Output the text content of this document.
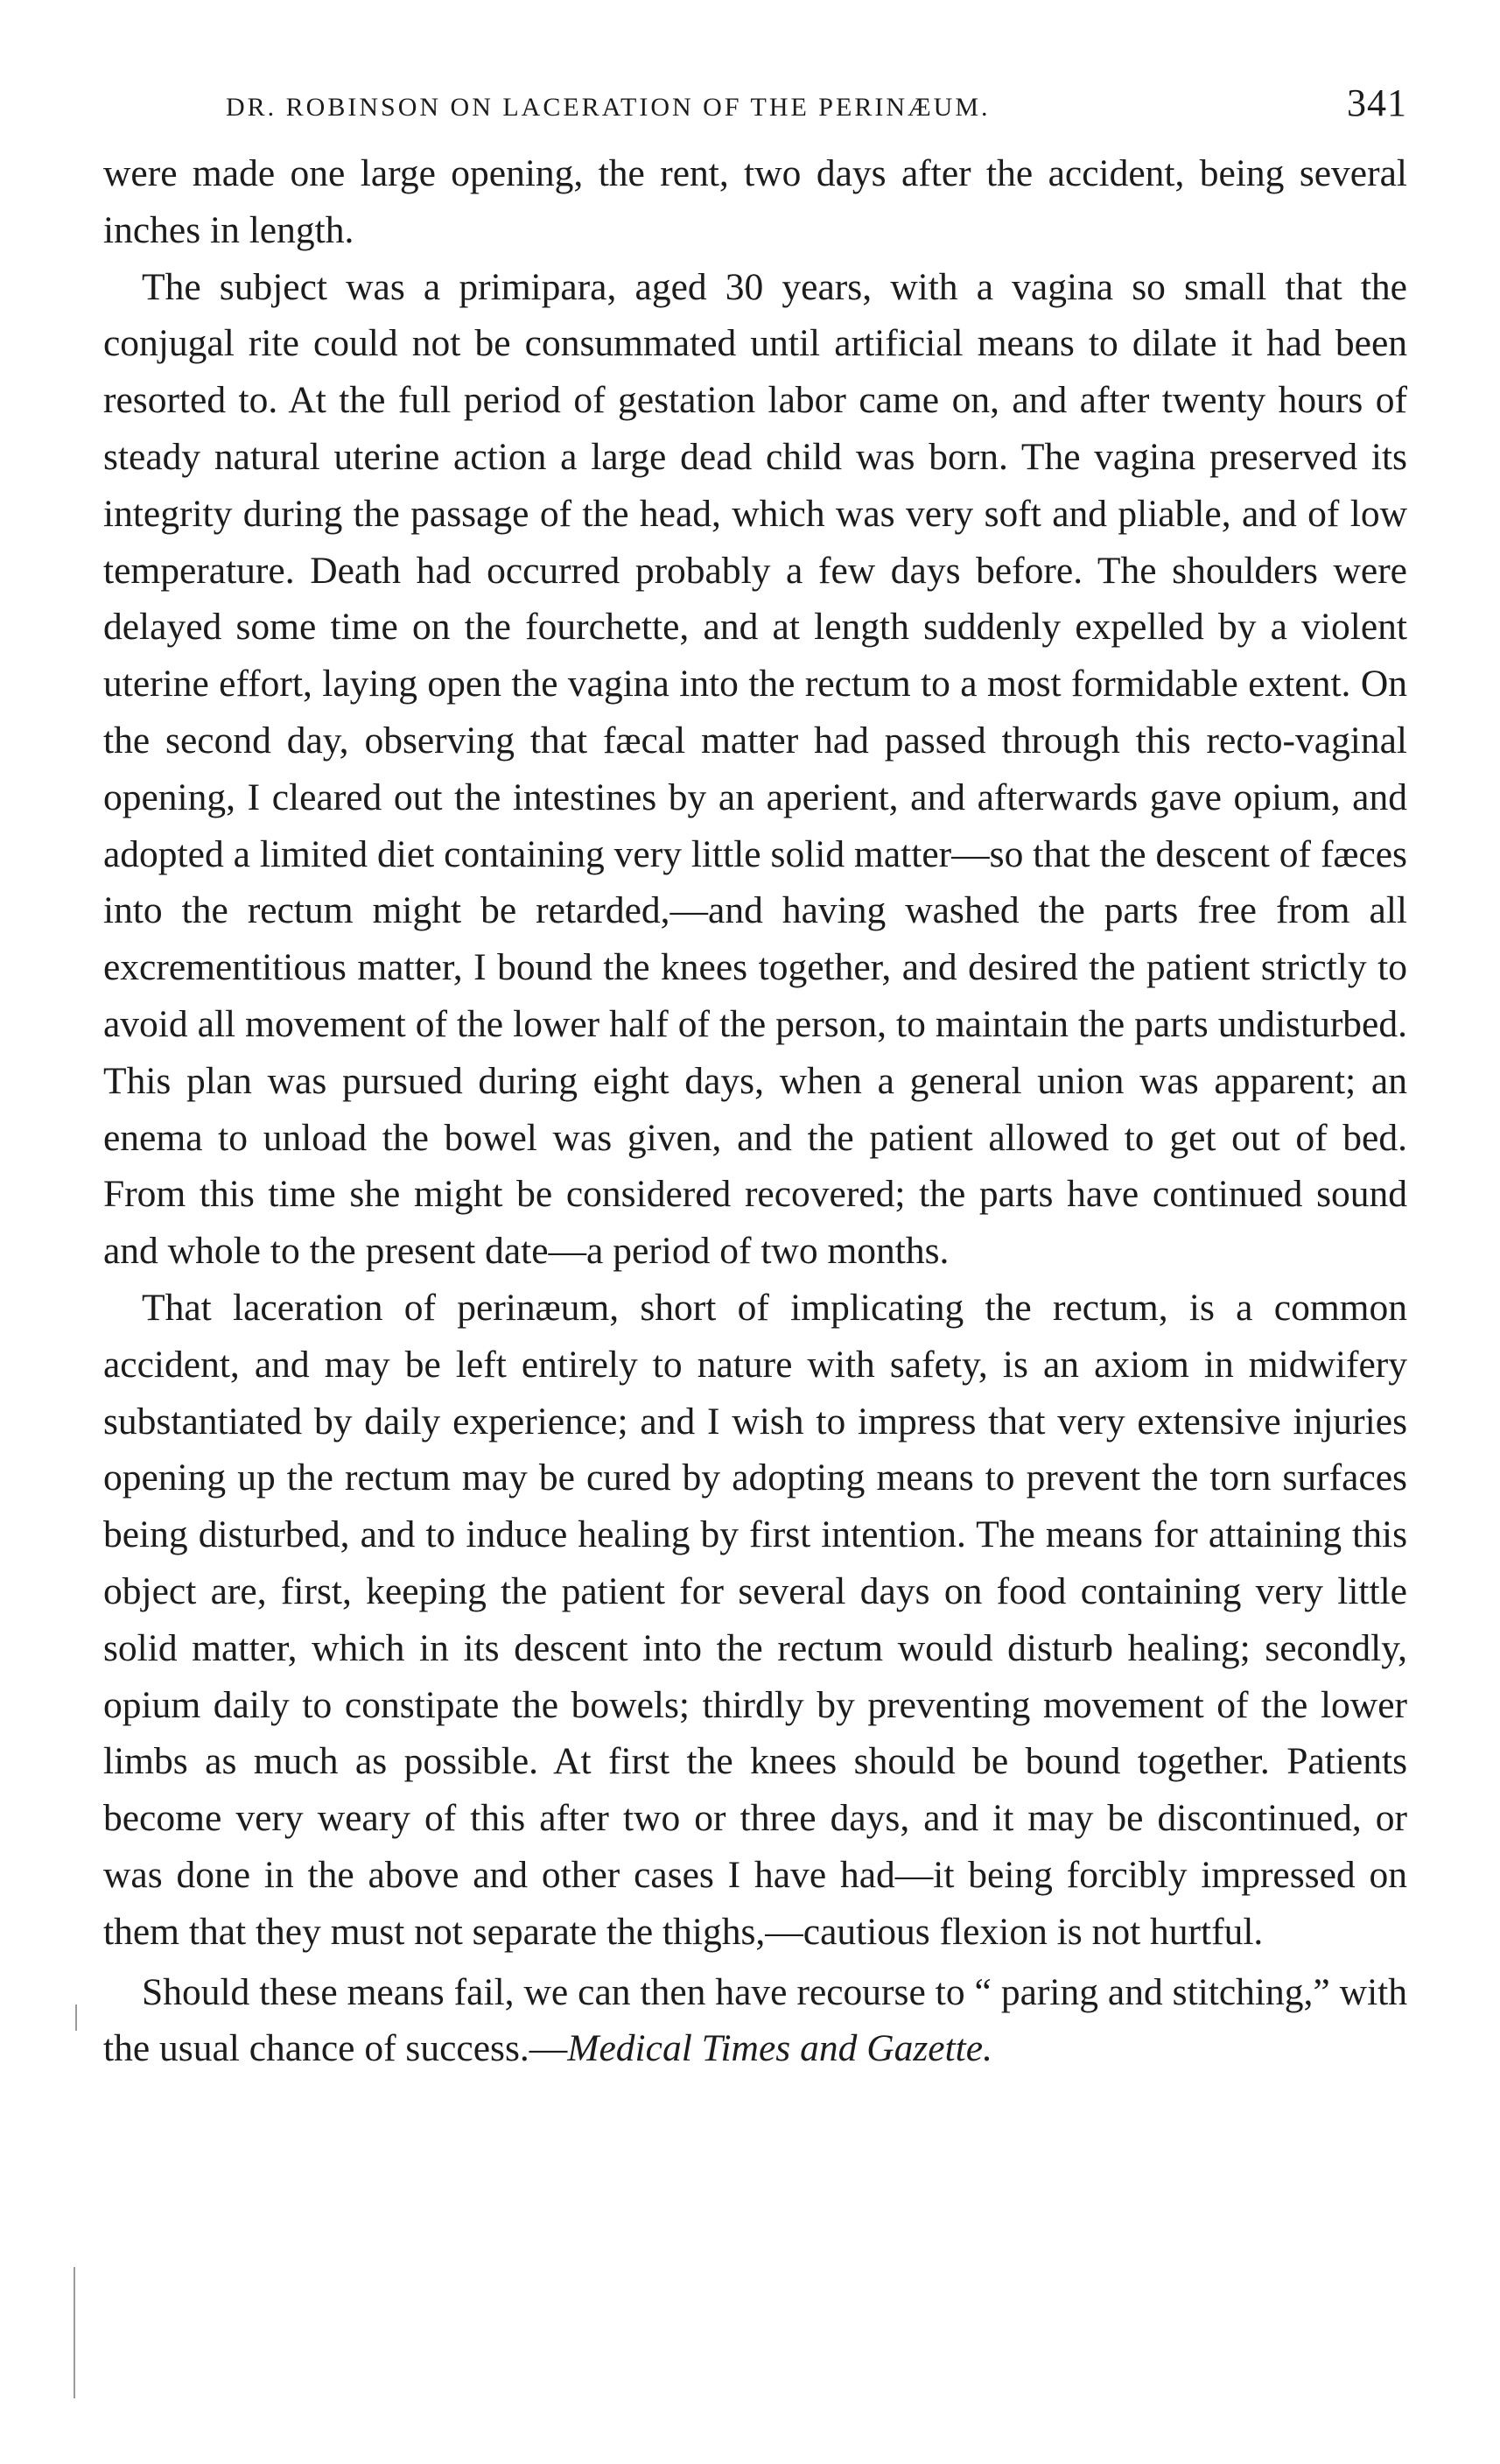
DR. ROBINSON ON LACERATION OF THE PERINÆUM.	341

were made one large opening, the rent, two days after the accident, being several inches in length.

The subject was a primipara, aged 30 years, with a vagina so small that the conjugal rite could not be consummated until artificial means to dilate it had been resorted to. At the full period of gestation labor came on, and after twenty hours of steady natural uterine action a large dead child was born. The vagina preserved its integrity during the passage of the head, which was very soft and pliable, and of low temperature. Death had occurred probably a few days before. The shoulders were delayed some time on the fourchette, and at length suddenly expelled by a violent uterine effort, laying open the vagina into the rectum to a most formidable extent. On the second day, observing that fæcal matter had passed through this recto-vaginal opening, I cleared out the intestines by an aperient, and afterwards gave opium, and adopted a limited diet containing very little solid matter—so that the descent of fæces into the rectum might be retarded,—and having washed the parts free from all excrementitious matter, I bound the knees together, and desired the patient strictly to avoid all movement of the lower half of the person, to maintain the parts undisturbed. This plan was pursued during eight days, when a general union was apparent; an enema to unload the bowel was given, and the patient allowed to get out of bed. From this time she might be considered recovered; the parts have continued sound and whole to the present date—a period of two months.

That laceration of perinæum, short of implicating the rectum, is a common accident, and may be left entirely to nature with safety, is an axiom in midwifery substantiated by daily experience; and I wish to impress that very extensive injuries opening up the rectum may be cured by adopting means to prevent the torn surfaces being disturbed, and to induce healing by first intention. The means for attaining this object are, first, keeping the patient for several days on food containing very little solid matter, which in its descent into the rectum would disturb healing; secondly, opium daily to constipate the bowels; thirdly by preventing movement of the lower limbs as much as possible. At first the knees should be bound together. Patients become very weary of this after two or three days, and it may be discontinued, or was done in the above and other cases I have had—it being forcibly impressed on them that they must not separate the thighs,—cautious flexion is not hurtful.

Should these means fail, we can then have recourse to “ paring and stitching,” with the usual chance of success.—Medical Times and Gazette.
